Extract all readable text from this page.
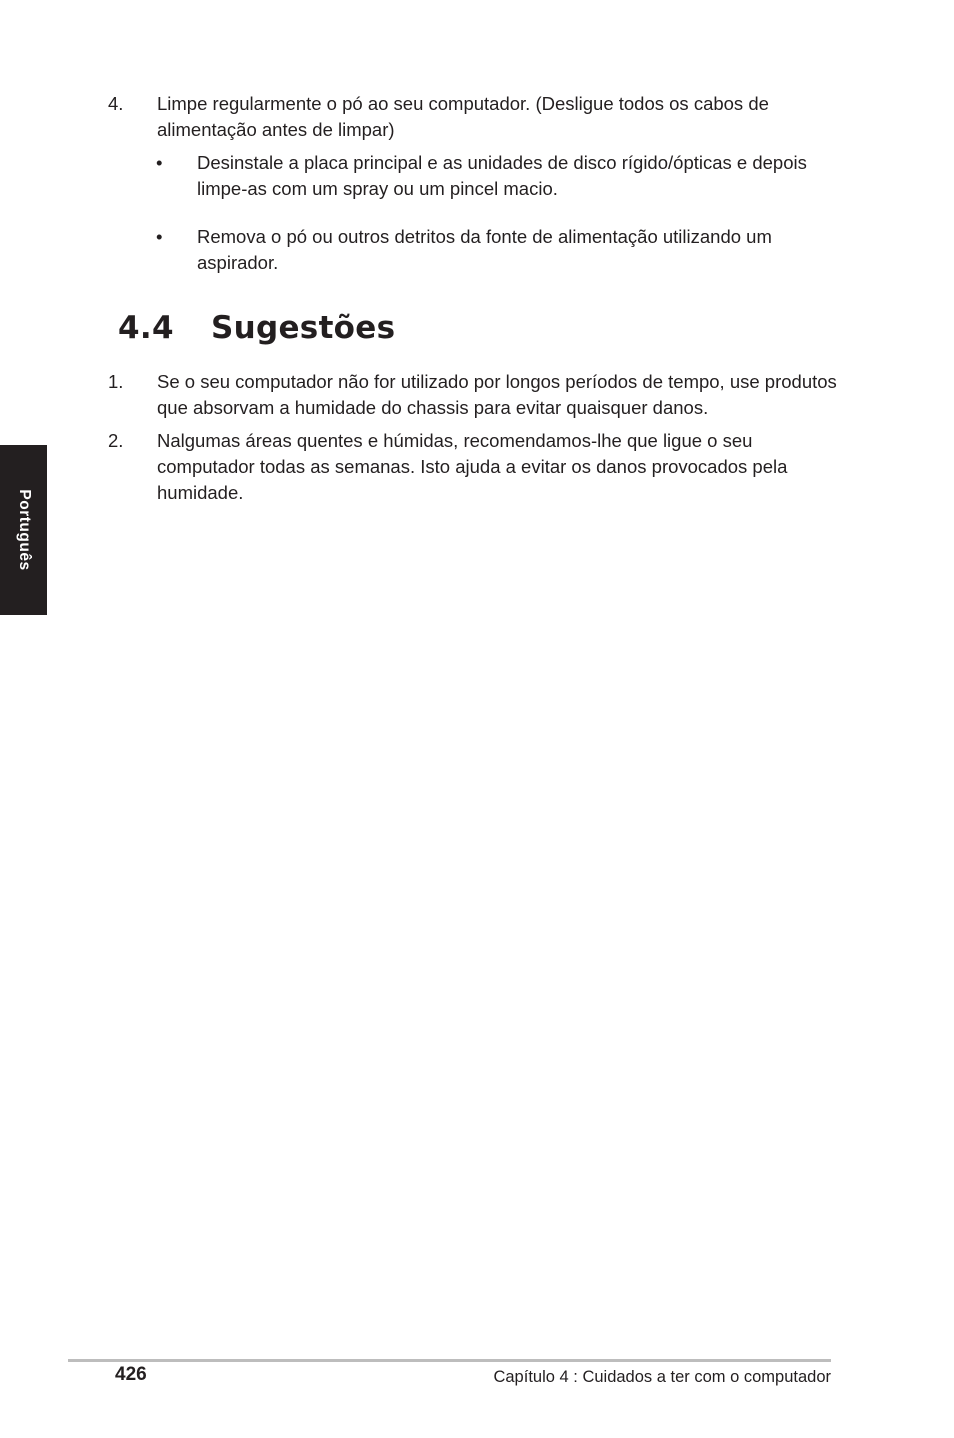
Português
4. Limpe regularmente o pó ao seu computador. (Desligue todos os cabos de alimentação antes de limpar)
• Desinstale a placa principal e as unidades de disco rígido/ópticas e depois limpe-as com um spray ou um pincel macio.
• Remova o pó ou outros detritos da fonte de alimentação utilizando um aspirador.
4.4 Sugestões
1. Se o seu computador não for utilizado por longos períodos de tempo, use produtos que absorvam a humidade do chassis para evitar quaisquer danos.
2. Nalgumas áreas quentes e húmidas, recomendamos-lhe que ligue o seu computador todas as semanas. Isto ajuda a evitar os danos provocados pela humidade.
426	Capítulo 4 : Cuidados a ter com o computador
